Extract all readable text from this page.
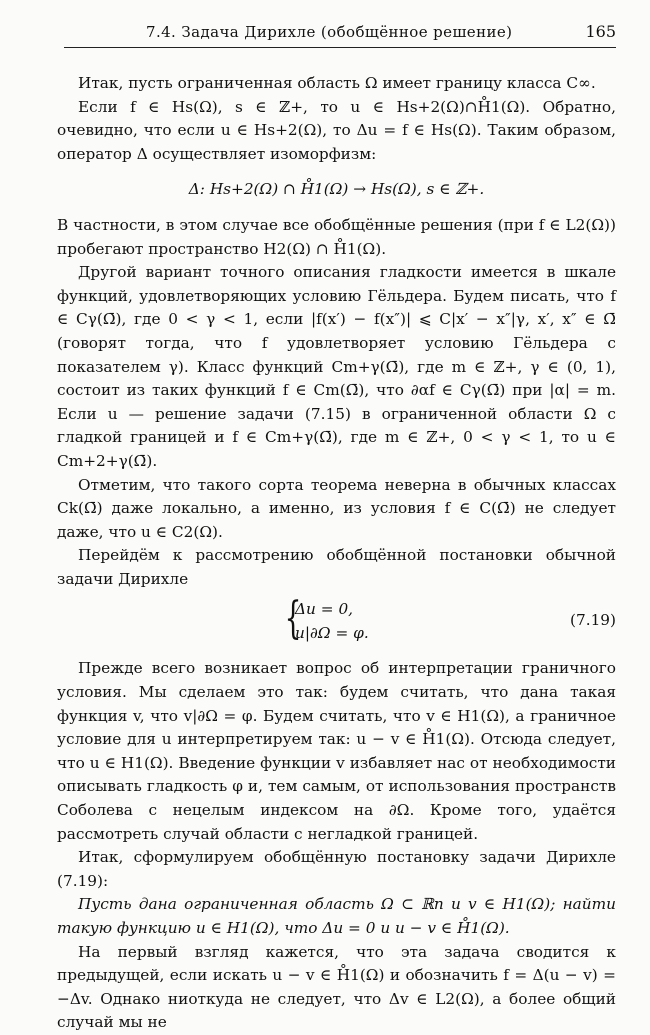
7.4. Задача Дирихле (обобщённое решение)	165

Итак, пусть ограниченная область Ω имеет границу класса C∞.

Если f ∈ Hs(Ω), s ∈ ℤ+, то u ∈ Hs+2(Ω)∩H̊1(Ω). Обратно, очевидно, что если u ∈ Hs+2(Ω), то Δu = f ∈ Hs(Ω). Таким образом, оператор Δ осуществляет изоморфизм:

Δ: Hs+2(Ω) ∩ H̊1(Ω) → Hs(Ω), s ∈ ℤ+.

В частности, в этом случае все обобщённые решения (при f ∈ L2(Ω)) пробегают пространство H2(Ω) ∩ H̊1(Ω).

Другой вариант точного описания гладкости имеется в шкале функций, удовлетворяющих условию Гёльдера. Будем писать, что f ∈ Cγ(Ω̄), где 0 < γ < 1, если |f(x′) − f(x″)| ⩽ C|x′ − x″|γ, x′, x″ ∈ Ω̄ (говорят тогда, что f удовлетворяет условию Гёльдера с показателем γ). Класс функций Cm+γ(Ω̄), где m ∈ ℤ+, γ ∈ (0, 1), состоит из таких функций f ∈ Cm(Ω̄), что ∂αf ∈ Cγ(Ω̄) при |α| = m. Если u — решение задачи (7.15) в ограниченной области Ω с гладкой границей и f ∈ Cm+γ(Ω̄), где m ∈ ℤ+, 0 < γ < 1, то u ∈ Cm+2+γ(Ω̄).

Отметим, что такого сорта теорема неверна в обычных классах Ck(Ω̄) даже локально, а именно, из условия f ∈ C(Ω̄) не следует даже, что u ∈ C2(Ω).

Перейдём к рассмотрению обобщённой постановки обычной задачи Дирихле

{
Δu = 0,
u|∂Ω = φ.
(7.19)

Прежде всего возникает вопрос об интерпретации граничного условия. Мы сделаем это так: будем считать, что дана такая функция v, что v|∂Ω = φ. Будем считать, что v ∈ H1(Ω), а граничное условие для u интерпретируем так: u − v ∈ H̊1(Ω). Отсюда следует, что u ∈ H1(Ω). Введение функции v избавляет нас от необходимости описывать гладкость φ и, тем самым, от использования пространств Соболева с нецелым индексом на ∂Ω. Кроме того, удаётся рассмотреть случай области с негладкой границей.

Итак, сформулируем обобщённую постановку задачи Дирихле (7.19):

Пусть дана ограниченная область Ω ⊂ ℝn и v ∈ H1(Ω); найти такую функцию u ∈ H1(Ω), что Δu = 0 и u − v ∈ H̊1(Ω).

На первый взгляд кажется, что эта задача сводится к предыдущей, если искать u − v ∈ H̊1(Ω) и обозначить f = Δ(u − v) = −Δv. Однако ниоткуда не следует, что Δv ∈ L2(Ω), а более общий случай мы не
